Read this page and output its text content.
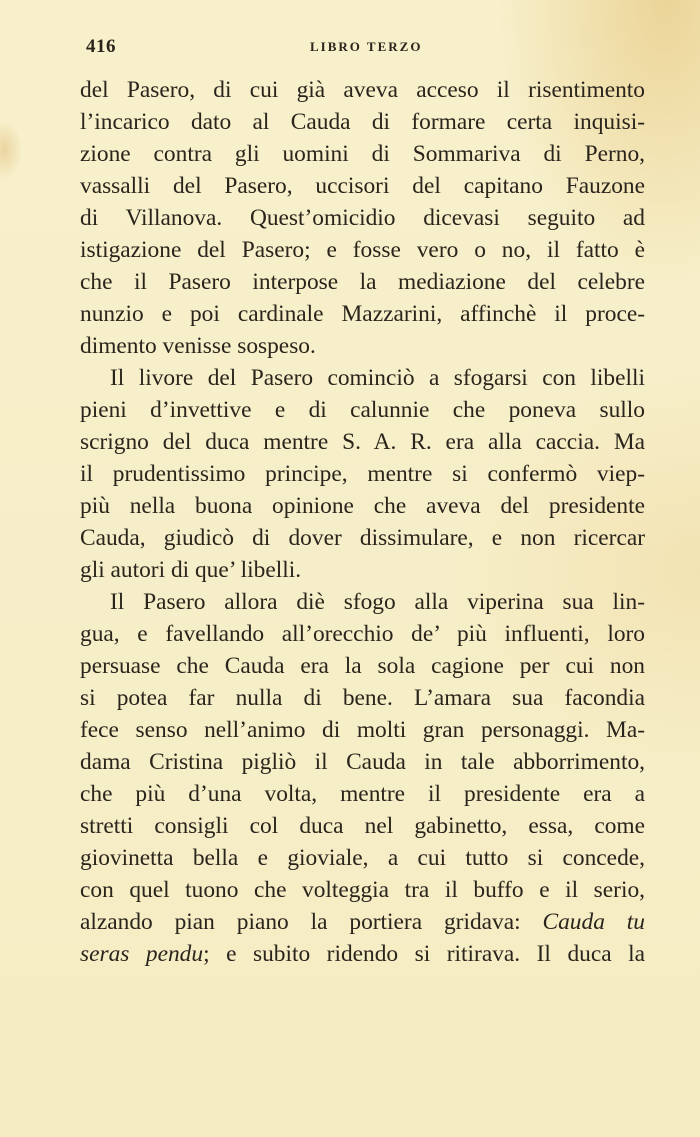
416	LIBRO TERZO
del Pasero, di cui già aveva acceso il risentimento
l’incarico dato al Cauda di formare certa inquisi-
zione contra gli uomini di Sommariva di Perno,
vassalli del Pasero, uccisori del capitano Fauzone
di Villanova. Quest’omicidio dicevasi seguito ad
istigazione del Pasero; e fosse vero o no, il fatto è
che il Pasero interpose la mediazione del celebre
nunzio e poi cardinale Mazzarini, affinchè il proce-
dimento venisse sospeso.
Il livore del Pasero cominciò a sfogarsi con libelli
pieni d’invettive e di calunnie che poneva sullo
scrigno del duca mentre S. A. R. era alla caccia. Ma
il prudentissimo principe, mentre si confermò viep-
più nella buona opinione che aveva del presidente
Cauda, giudicò di dover dissimulare, e non ricercar
gli autori di que’ libelli.
Il Pasero allora diè sfogo alla viperina sua lin-
gua, e favellando all’orecchio de’ più influenti, loro
persuase che Cauda era la sola cagione per cui non
si potea far nulla di bene. L’amara sua facondia
fece senso nell’animo di molti gran personaggi. Ma-
dama Cristina pigliò il Cauda in tale abborrimento,
che più d’una volta, mentre il presidente era a
stretti consigli col duca nel gabinetto, essa, come
giovinetta bella e gioviale, a cui tutto si concede,
con quel tuono che volteggia tra il buffo e il serio,
alzando pian piano la portiera gridava: Cauda tu
seras pendu; e subito ridendo si ritirava. Il duca la
